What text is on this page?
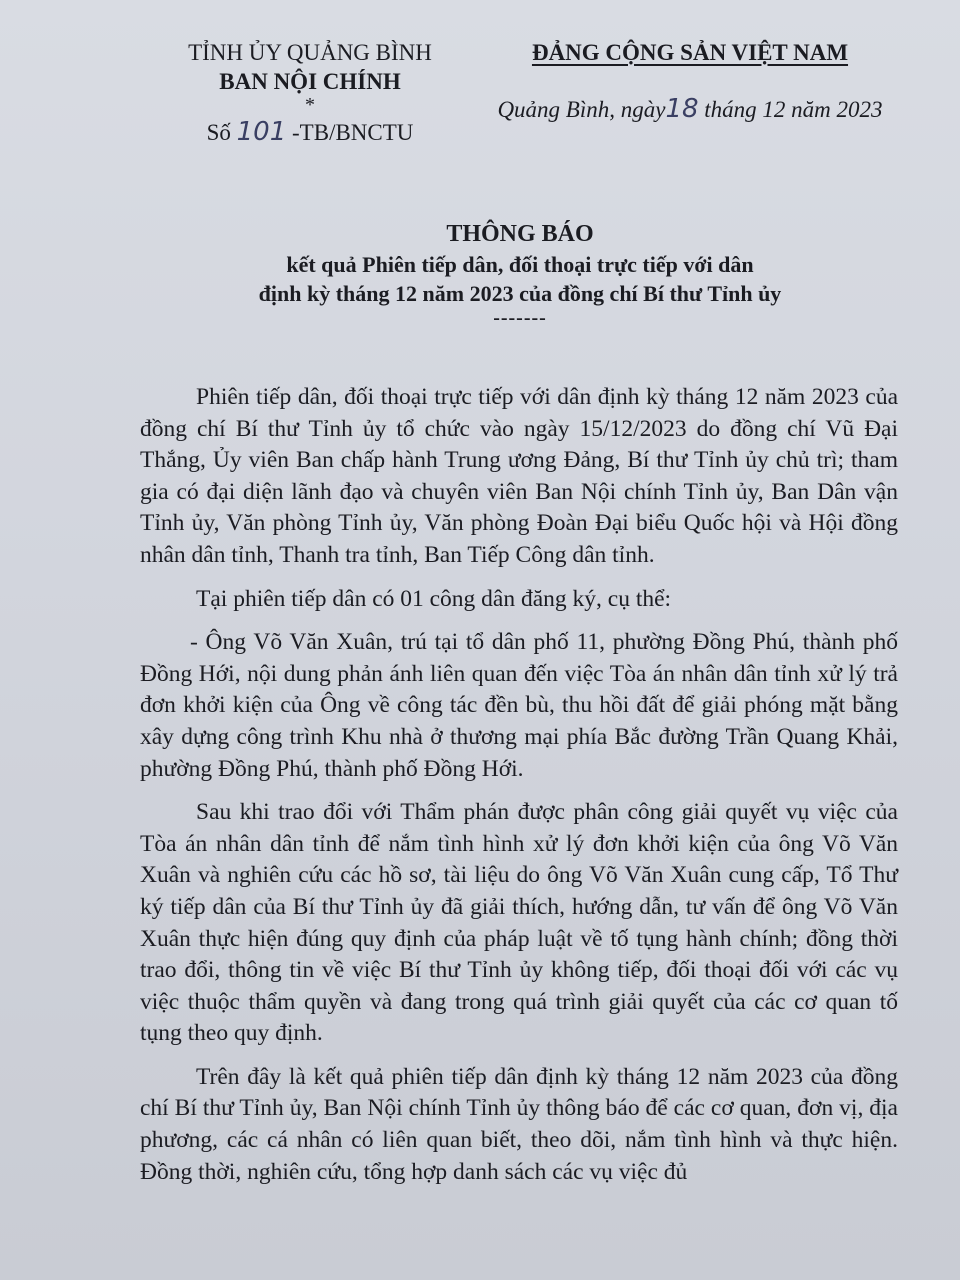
TỈNH ỦY QUẢNG BÌNH
BAN NỘI CHÍNH
*
Số 101 -TB/BNCTU
ĐẢNG CỘNG SẢN VIỆT NAM
Quảng Bình, ngày18 tháng 12 năm 2023
THÔNG BÁO
kết quả Phiên tiếp dân, đối thoại trực tiếp với dân
định kỳ tháng 12 năm 2023 của đồng chí Bí thư Tỉnh ủy
-------

Phiên tiếp dân, đối thoại trực tiếp với dân định kỳ tháng 12 năm 2023 của đồng chí Bí thư Tỉnh ủy tổ chức vào ngày 15/12/2023 do đồng chí Vũ Đại Thắng, Ủy viên Ban chấp hành Trung ương Đảng, Bí thư Tỉnh ủy chủ trì; tham gia có đại diện lãnh đạo và chuyên viên Ban Nội chính Tỉnh ủy, Ban Dân vận Tỉnh ủy, Văn phòng Tỉnh ủy, Văn phòng Đoàn Đại biểu Quốc hội và Hội đồng nhân dân tỉnh, Thanh tra tỉnh, Ban Tiếp Công dân tỉnh.

Tại phiên tiếp dân có 01 công dân đăng ký, cụ thể:

- Ông Võ Văn Xuân, trú tại tổ dân phố 11, phường Đồng Phú, thành phố Đồng Hới, nội dung phản ánh liên quan đến việc Tòa án nhân dân tỉnh xử lý trả đơn khởi kiện của Ông về công tác đền bù, thu hồi đất để giải phóng mặt bằng xây dựng công trình Khu nhà ở thương mại phía Bắc đường Trần Quang Khải, phường Đồng Phú, thành phố Đồng Hới.

Sau khi trao đổi với Thẩm phán được phân công giải quyết vụ việc của Tòa án nhân dân tỉnh để nắm tình hình xử lý đơn khởi kiện của ông Võ Văn Xuân và nghiên cứu các hồ sơ, tài liệu do ông Võ Văn Xuân cung cấp, Tổ Thư ký tiếp dân của Bí thư Tỉnh ủy đã giải thích, hướng dẫn, tư vấn để ông Võ Văn Xuân thực hiện đúng quy định của pháp luật về tố tụng hành chính; đồng thời trao đổi, thông tin về việc Bí thư Tỉnh ủy không tiếp, đối thoại đối với các vụ việc thuộc thẩm quyền và đang trong quá trình giải quyết của các cơ quan tố tụng theo quy định.

Trên đây là kết quả phiên tiếp dân định kỳ tháng 12 năm 2023 của đồng chí Bí thư Tỉnh ủy, Ban Nội chính Tỉnh ủy thông báo để các cơ quan, đơn vị, địa phương, các cá nhân có liên quan biết, theo dõi, nắm tình hình và thực hiện. Đồng thời, nghiên cứu, tổng hợp danh sách các vụ việc đủ
